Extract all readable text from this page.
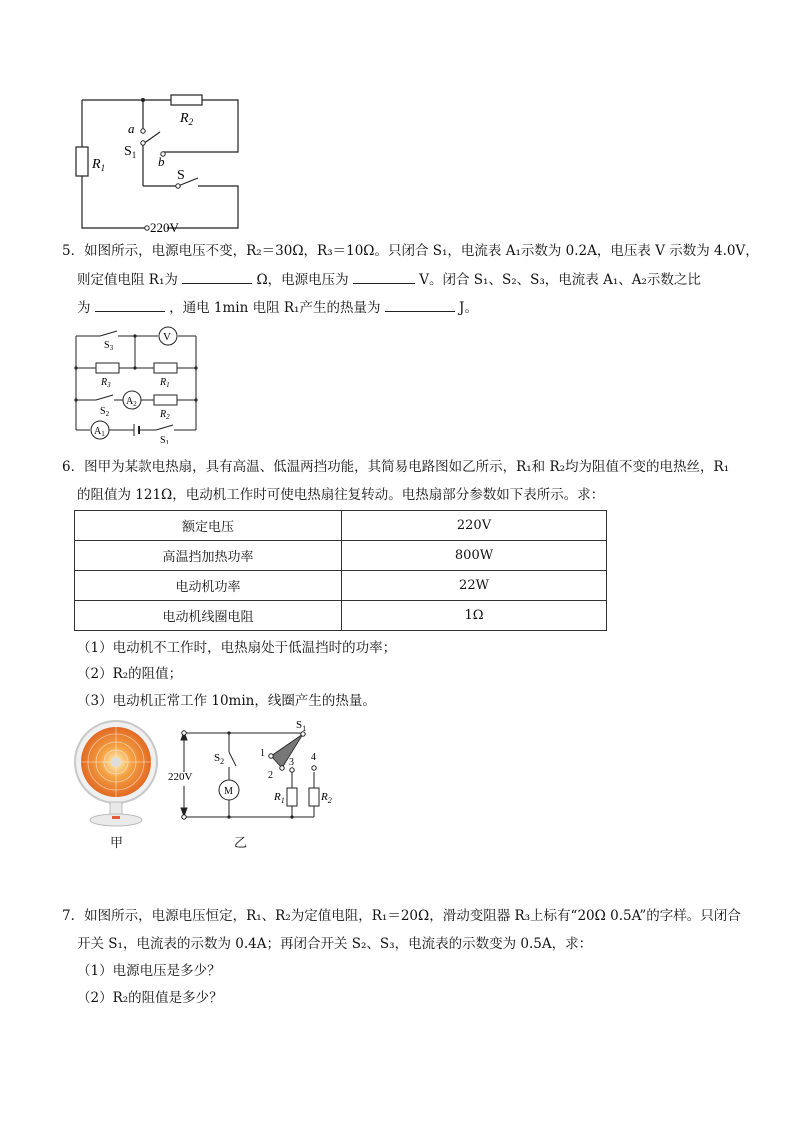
$R_1$
$R_2$
a
b
$S_1$
S
220V
5．如图所示，电源电压不变，R₂＝30Ω，R₃＝10Ω。只闭合 S₁，电流表 A₁示数为 0.2A，电压表 V 示数为 4.0V，
则定值电阻 R₁为	Ω，电源电压为	V。闭合 S₁、S₂、S₃，电流表 A₁、A₂示数之比
为	，通电 1min 电阻 R₁产生的热量为	J。
V
$S_3$
$R_3$	$R_1$
$S_2$
$A_2$
$R_2$
$A_1$
$S_1$
6．图甲为某款电热扇，具有高温、低温两挡功能，其简易电路图如乙所示，R₁和 R₂均为阻值不变的电热丝，R₁
的阻值为 121Ω，电动机工作时可使电热扇往复转动。电热扇部分参数如下表所示。求：
额定电压	220V
高温挡加热功率	800W
电动机功率	22W
电动机线圈电阻	1Ω
（1）电动机不工作时，电热扇处于低温挡时的功率；
（2）R₂的阻值；
（3）电动机正常工作 10min，线圈产生的热量。
甲
220V
$S_1$
$S_2$
M
1
2
3 4
$R_1$	$R_2$
乙
7．如图所示，电源电压恒定，R₁、R₂为定值电阻，R₁＝20Ω，滑动变阻器 R₃上标有“20Ω 0.5A”的字样。只闭合
开关 S₁，电流表的示数为 0.4A；再闭合开关 S₂、S₃，电流表的示数变为 0.5A，求：
（1）电源电压是多少？
（2）R₂的阻值是多少？
